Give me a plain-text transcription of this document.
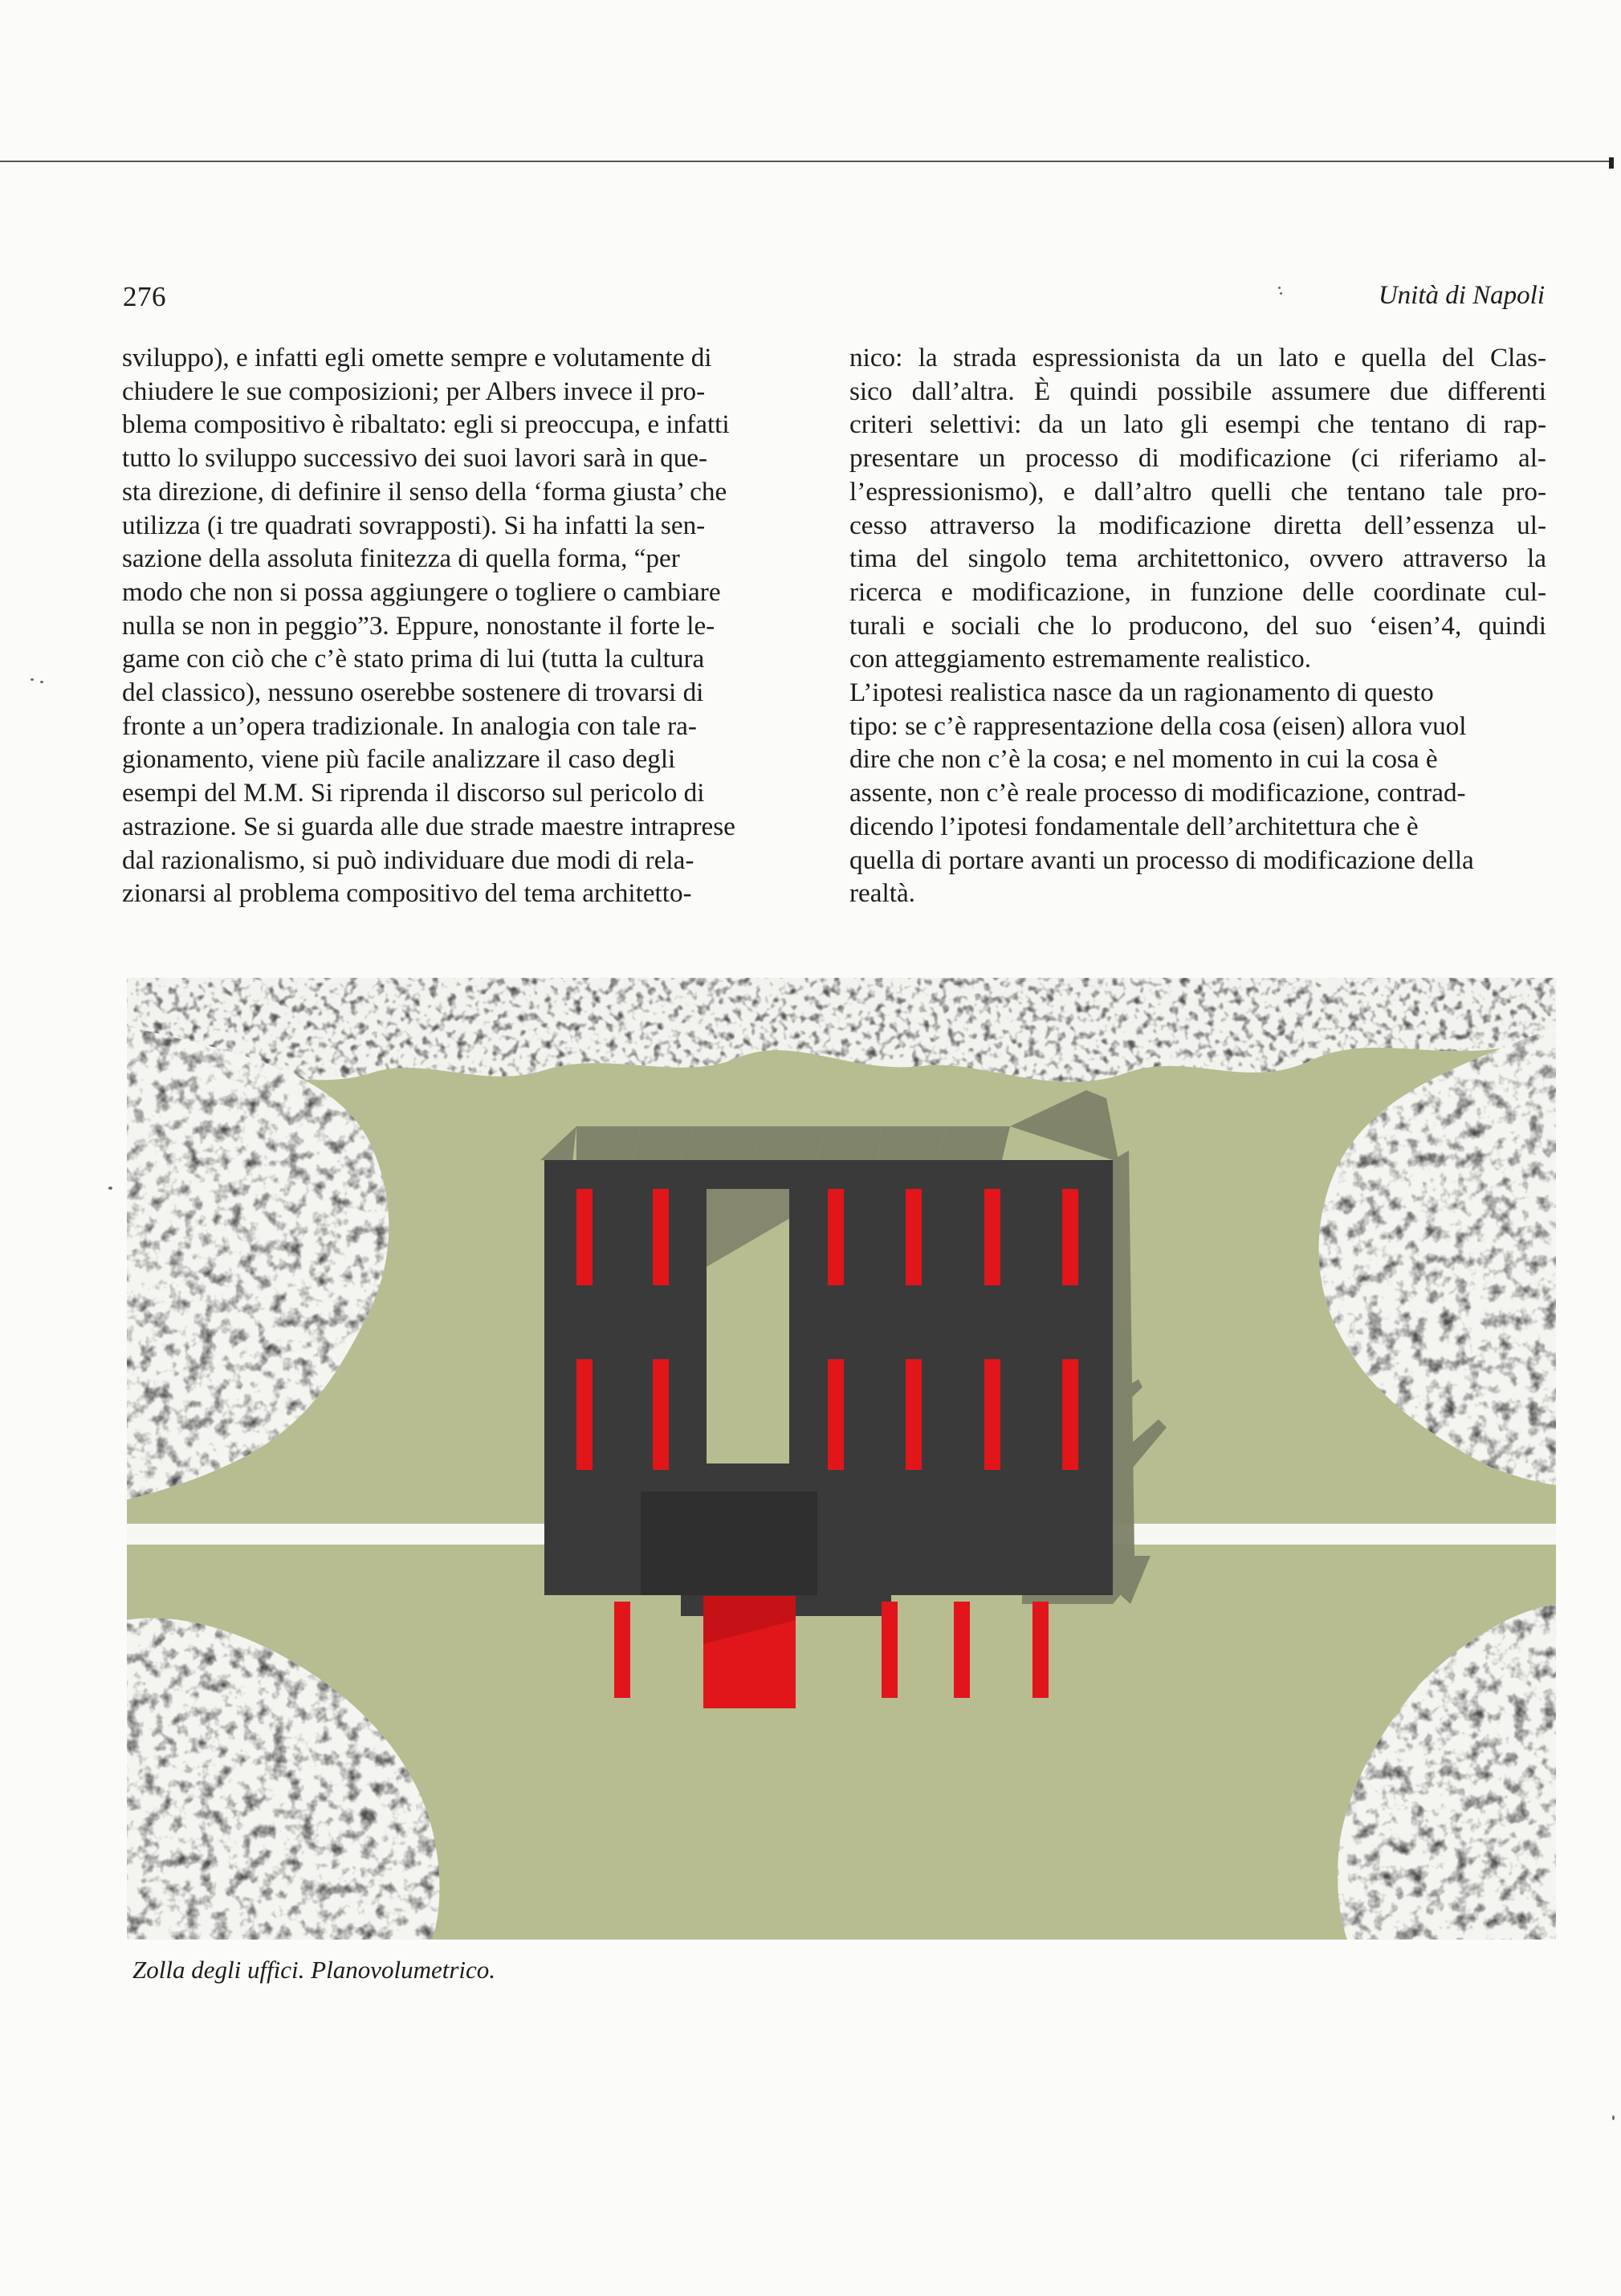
276	Unità di Napoli

sviluppo), e infatti egli omette sempre e volutamente di
chiudere le sue composizioni; per Albers invece il pro-
blema compositivo è ribaltato: egli si preoccupa, e infatti
tutto lo sviluppo successivo dei suoi lavori sarà in que-
sta direzione, di definire il senso della ‘forma giusta’ che
utilizza (i tre quadrati sovrapposti). Si ha infatti la sen-
sazione della assoluta finitezza di quella forma, “per
modo che non si possa aggiungere o togliere o cambiare
nulla se non in peggio”3. Eppure, nonostante il forte le-
game con ciò che c’è stato prima di lui (tutta la cultura
del classico), nessuno oserebbe sostenere di trovarsi di
fronte a un’opera tradizionale. In analogia con tale ra-
gionamento, viene più facile analizzare il caso degli
esempi del M.M. Si riprenda il discorso sul pericolo di
astrazione. Se si guarda alle due strade maestre intraprese
dal razionalismo, si può individuare due modi di rela-
zionarsi al problema compositivo del tema architetto-

nico: la strada espressionista da un lato e quella del Clas-
sico dall’altra. È quindi possibile assumere due differenti
criteri selettivi: da un lato gli esempi che tentano di rap-
presentare un processo di modificazione (ci riferiamo al-
l’espressionismo), e dall’altro quelli che tentano tale pro-
cesso attraverso la modificazione diretta dell’essenza ul-
tima del singolo tema architettonico, ovvero attraverso la
ricerca e modificazione, in funzione delle coordinate cul-
turali e sociali che lo producono, del suo ‘eisen’4, quindi
con atteggiamento estremamente realistico.

L’ipotesi realistica nasce da un ragionamento di questo
tipo: se c’è rappresentazione della cosa (eisen) allora vuol
dire che non c’è la cosa; e nel momento in cui la cosa è
assente, non c’è reale processo di modificazione, contrad-
dicendo l’ipotesi fondamentale dell’architettura che è
quella di portare avanti un processo di modificazione della
realtà.

Zolla degli uffici. Planovolumetrico.
